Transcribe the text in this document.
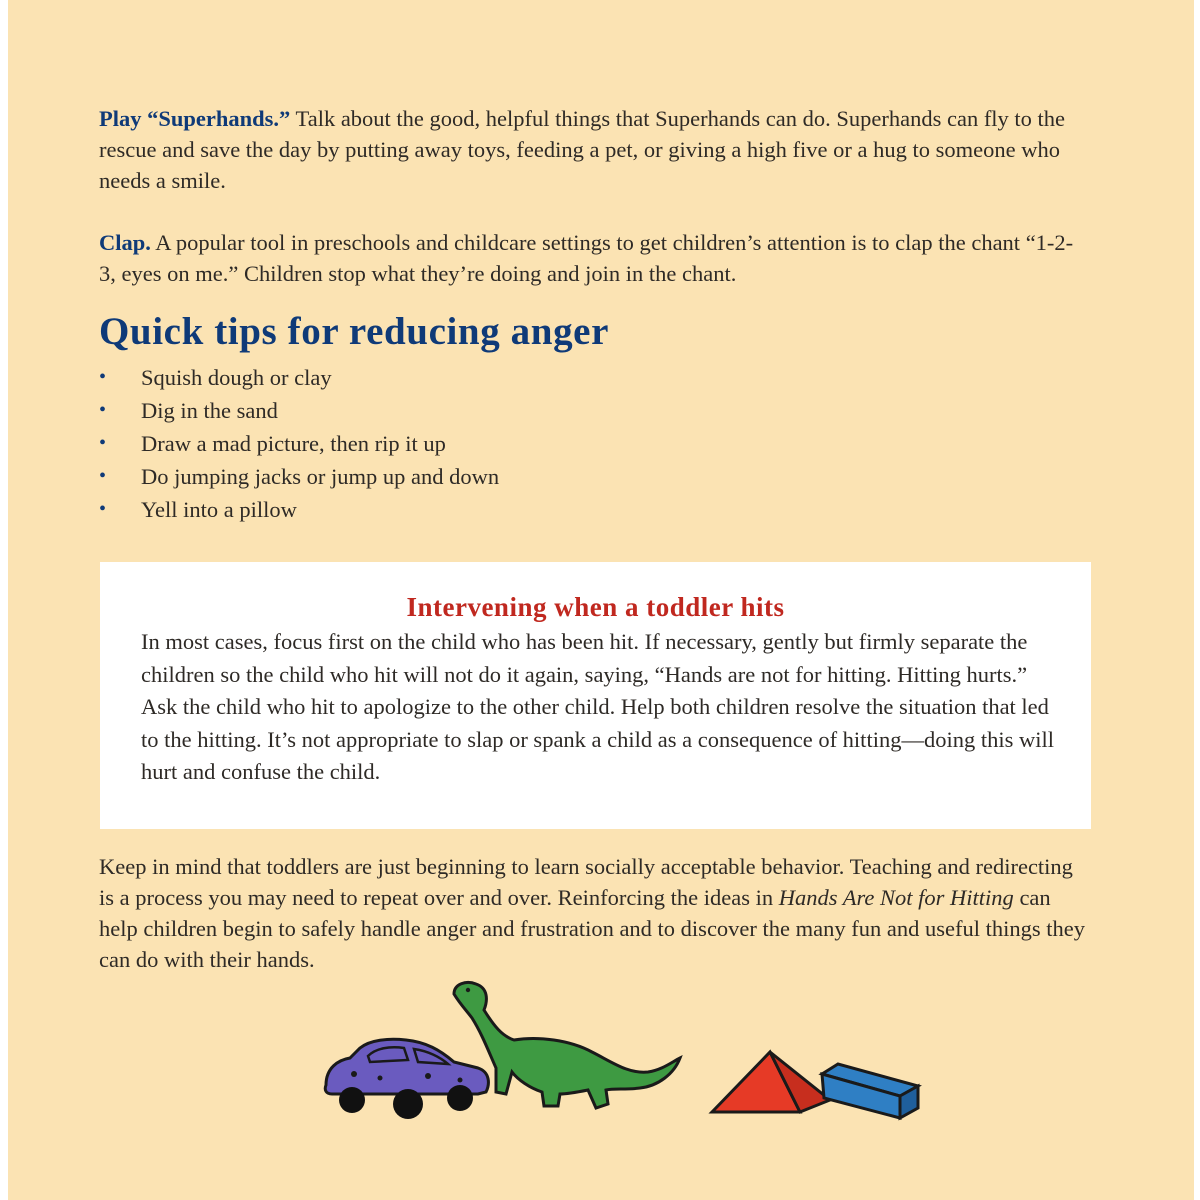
Play “Superhands.” Talk about the good, helpful things that Superhands can do. Superhands can fly to the rescue and save the day by putting away toys, feeding a pet, or giving a high five or a hug to someone who needs a smile.

Clap. A popular tool in preschools and childcare settings to get children’s attention is to clap the chant “1-2-3, eyes on me.” Children stop what they’re doing and join in the chant.

Quick tips for reducing anger
• Squish dough or clay
• Dig in the sand
• Draw a mad picture, then rip it up
• Do jumping jacks or jump up and down
• Yell into a pillow
Intervening when a toddler hits

In most cases, focus first on the child who has been hit. If necessary, gently but firmly separate the children so the child who hit will not do it again, saying, “Hands are not for hitting. Hitting hurts.” Ask the child who hit to apologize to the other child. Help both children resolve the situation that led to the hitting. It’s not appropriate to slap or spank a child as a consequence of hitting—doing this will hurt and confuse the child.

Keep in mind that toddlers are just beginning to learn socially acceptable behavior. Teaching and redirecting is a process you may need to repeat over and over. Reinforcing the ideas in Hands Are Not for Hitting can help children begin to safely handle anger and frustration and to discover the many fun and useful things they can do with their hands.
